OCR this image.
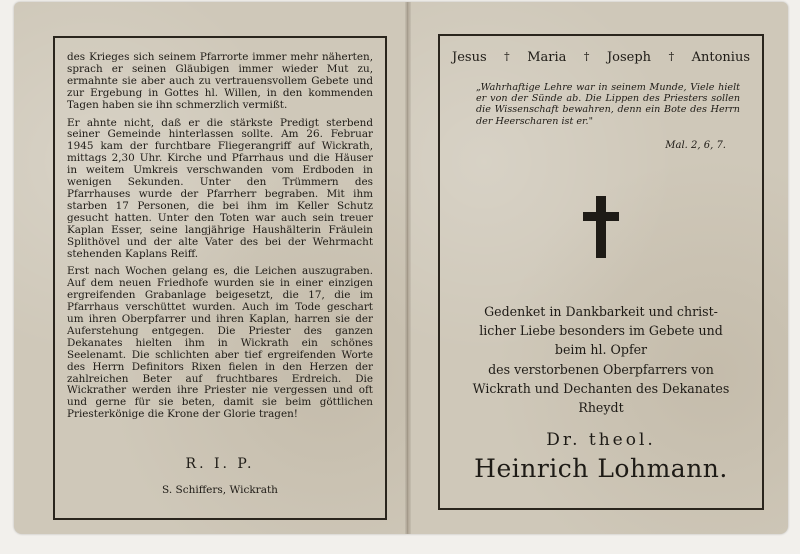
des Krieges sich seinem Pfarrorte immer mehr näherten, sprach er seinen Gläubigen immer wieder Mut zu, ermahnte sie aber auch zu vertrauensvollem Gebete und zur Ergebung in Gottes hl. Willen, in den kommenden Tagen haben sie ihn schmerzlich vermißt.

Er ahnte nicht, daß er die stärkste Predigt sterbend seiner Gemeinde hinterlassen sollte. Am 26. Februar 1945 kam der furchtbare Fliegerangriff auf Wickrath, mittags 2,30 Uhr. Kirche und Pfarrhaus und die Häuser in weitem Umkreis verschwanden vom Erdboden in wenigen Sekunden. Unter den Trümmern des Pfarrhauses wurde der Pfarrherr begraben. Mit ihm starben 17 Personen, die bei ihm im Keller Schutz gesucht hatten. Unter den Toten war auch sein treuer Kaplan Esser, seine langjährige Haushälterin Fräulein Splithövel und der alte Vater des bei der Wehrmacht stehenden Kaplans Reiff.

Erst nach Wochen gelang es, die Leichen auszugraben. Auf dem neuen Friedhofe wurden sie in einer einzigen ergreifenden Grabanlage beigesetzt, die 17, die im Pfarrhaus verschüttet wurden. Auch im Tode geschart um ihren Oberpfarrer und ihren Kaplan, harren sie der Auferstehung entgegen. Die Priester des ganzen Dekanates hielten ihm in Wickrath ein schönes Seelenamt. Die schlichten aber tief ergreifenden Worte des Herrn Definitors Rixen fielen in den Herzen der zahlreichen Beter auf fruchtbares Erdreich. Die Wickrather werden ihre Priester nie vergessen und oft und gerne für sie beten, damit sie beim göttlichen Priesterkönige die Krone der Glorie tragen!

R. I. P.
S. Schiffers, Wickrath
Jesus † Maria † Joseph † Antonius
„Wahrhaftige Lehre war in seinem Munde, Viele hielt er von der Sünde ab. Die Lippen des Priesters sollen die Wissenschaft bewahren, denn ein Bote des Herrn der Heerscharen ist er."
Mal. 2, 6, 7.
Gedenket in Dankbarkeit und christ-
licher Liebe besonders im Gebete und
beim hl. Opfer
des verstorbenen Oberpfarrers von
Wickrath und Dechanten des Dekanates
Rheydt
Dr. theol.
Heinrich Lohmann.
